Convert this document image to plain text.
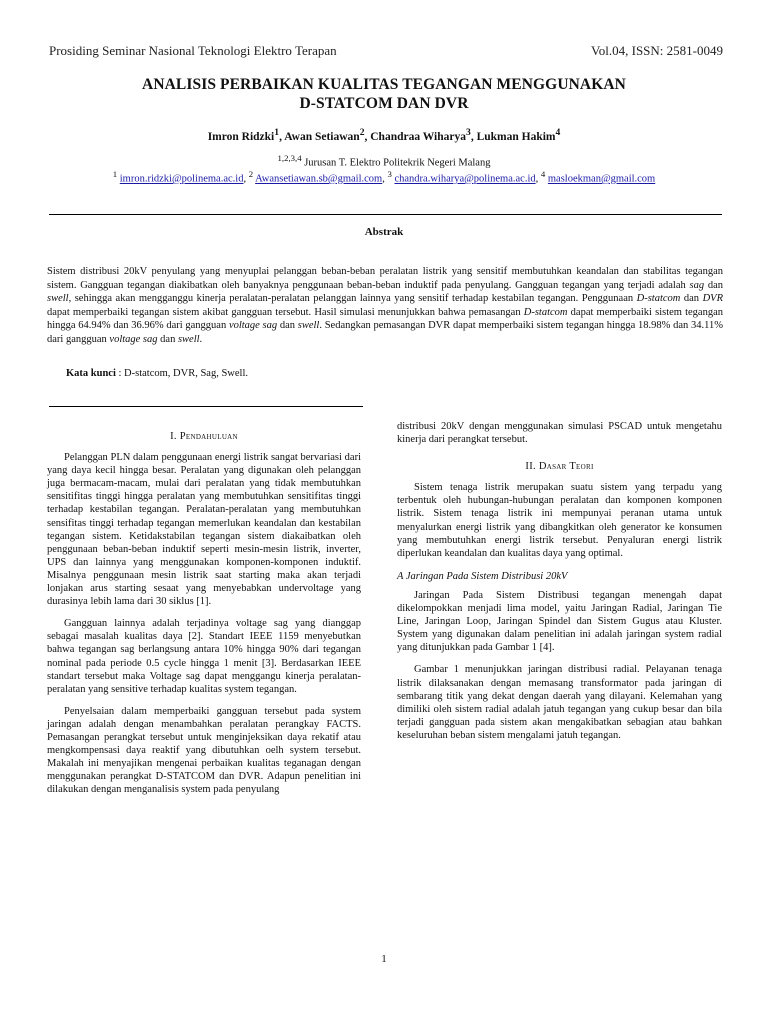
Prosiding Seminar Nasional Teknologi Elektro Terapan	Vol.04, ISSN: 2581-0049
ANALISIS PERBAIKAN KUALITAS TEGANGAN MENGGUNAKAN
D-STATCOM DAN DVR
Imron Ridzki$^1$, Awan Setiawan$^2$, Chandraa Wiharya$^3$, Lukman Hakim$^4$
$^{1,2,3,4}$ Jurusan T. Elektro Politekrik Negeri Malang
$^1$ imron.ridzki@polinema.ac.id, $^2$ Awansetiawan.sb@gmail.com, $^3$ chandra.wiharya@polinema.ac.id, $^4$ masloekman@gmail.com
Abstrak

Sistem distribusi 20kV penyulang yang menyuplai pelanggan beban-beban peralatan listrik yang sensitif membutuhkan keandalan dan stabilitas tegangan sistem. Gangguan tegangan diakibatkan oleh banyaknya penggunaan beban-beban induktif pada penyulang. Gangguan tegangan yang terjadi adalah sag dan swell, sehingga akan mengganggu kinerja peralatan-peralatan pelanggan lainnya yang sensitif terhadap kestabilan tegangan. Penggunaan D-statcom dan DVR dapat memperbaiki tegangan sistem akibat gangguan tersebut. Hasil simulasi menunjukkan bahwa pemasangan D-statcom dapat memperbaiki sistem tegangan hingga 64.94% dan 36.96% dari gangguan voltage sag dan swell. Sedangkan pemasangan DVR dapat memperbaiki sistem tegangan hingga 18.98% dan 34.11% dari gangguan voltage sag dan swell.

Kata kunci : D-statcom, DVR, Sag, Swell.
I. Pendahuluan

Pelanggan PLN dalam penggunaan energi listrik sangat bervariasi dari yang daya kecil hingga besar. Peralatan yang digunakan oleh pelanggan juga bermacam-macam, mulai dari peralatan yang tidak membutuhkan sensitifitas tinggi hingga peralatan yang membutuhkan sensitifitas tinggi terhadap kestabilan tegangan. Peralatan-peralatan yang membutuhkan sensifitas tinggi terhadap tegangan memerlukan keandalan dan kestabilan tegangan sistem. Ketidakstabilan tegangan sistem diakaibatkan oleh penggunaan beban-beban induktif seperti mesin-mesin listrik, inverter, UPS dan lainnya yang menggunakan komponen-komponen induktif. Misalnya penggunaan mesin listrik saat starting maka akan terjadi lonjakan arus starting sesaat yang menyebabkan undervoltage yang durasinya lebih lama dari 30 siklus [1].

Gangguan lainnya adalah terjadinya voltage sag yang dianggap sebagai masalah kualitas daya [2]. Standart IEEE 1159 menyebutkan bahwa tegangan sag berlangsung antara 10% hingga 90% dari tegangan nominal pada periode 0.5 cycle hingga 1 menit [3]. Berdasarkan IEEE standart tersebut maka Voltage sag dapat menggangu kinerja peralatan-peralatan yang sensitive terhadap kualitas system tegangan.

Penyelsaian dalam memperbaiki gangguan tersebut pada system jaringan adalah dengan menambahkan peralatan perangkay FACTS. Pemasangan perangkat tersebut untuk menginjeksikan daya rekatif atau mengkompensasi daya reaktif yang dibutuhkan oelh system tersebut. Makalah ini menyajikan mengenai perbaikan kualitas teganagan dengan menggunakan perangkat D-STATCOM dan DVR. Adapun penelitian ini dilakukan dengan menganalisis system pada penyulang

distribusi 20kV dengan menggunakan simulasi PSCAD untuk mengetahu kinerja dari perangkat tersebut.

II. Dasar Teori

Sistem tenaga listrik merupakan suatu sistem yang terpadu yang terbentuk oleh hubungan-hubungan peralatan dan komponen komponen listrik. Sistem tenaga listrik ini mempunyai peranan utama untuk menyalurkan energi listrik yang dibangkitkan oleh generator ke konsumen yang membutuhkan energi listrik tersebut. Penyaluran energi listrik diperlukan keandalan dan kualitas daya yang optimal.

A Jaringan Pada Sistem Distribusi 20kV

Jaringan Pada Sistem Distribusi tegangan menengah dapat dikelompokkan menjadi lima model, yaitu Jaringan Radial, Jaringan Tie Line, Jaringan Loop, Jaringan Spindel dan Sistem Gugus atau Kluster. System yang digunakan dalam penelitian ini adalah jaringan system radial yang ditunjukkan pada Gambar 1 [4].

Gambar 1 menunjukkan jaringan distribusi radial. Pelayanan tenaga listrik dilaksanakan dengan memasang transformator pada jaringan di sembarang titik yang dekat dengan daerah yang dilayani. Kelemahan yang dimiliki oleh sistem radial adalah jatuh tegangan yang cukup besar dan bila terjadi gangguan pada sistem akan mengakibatkan sebagian atau bahkan keseluruhan beban sistem mengalami jatuh tegangan.

1
